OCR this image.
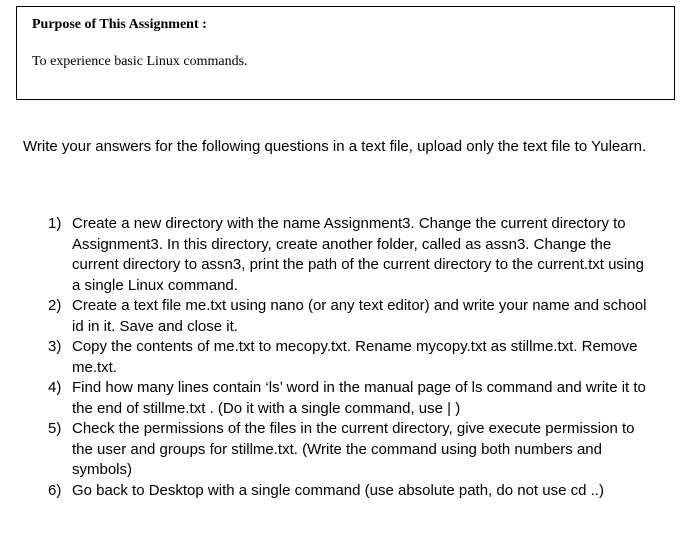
Purpose of This Assignment :
To experience basic Linux commands.
Write your answers for the following questions in a text file, upload only the text file to Yulearn.
1) Create a new directory with the name Assignment3. Change the current directory to Assignment3. In this directory, create another folder, called as assn3. Change the current directory to assn3, print the path of the current directory to the current.txt using a single Linux command.
2) Create a text file me.txt using nano (or any text editor) and write your name and school id in it. Save and close it.
3) Copy the contents of me.txt to mecopy.txt. Rename mycopy.txt as stillme.txt. Remove me.txt.
4) Find how many lines contain ‘ls’ word in the manual page of ls command and write it to the end of stillme.txt . (Do it with a single command, use | )
5) Check the permissions of the files in the current directory, give execute permission to the user and groups for stillme.txt. (Write the command using both numbers and symbols)
6) Go back to Desktop with a single command (use absolute path, do not use cd ..)
